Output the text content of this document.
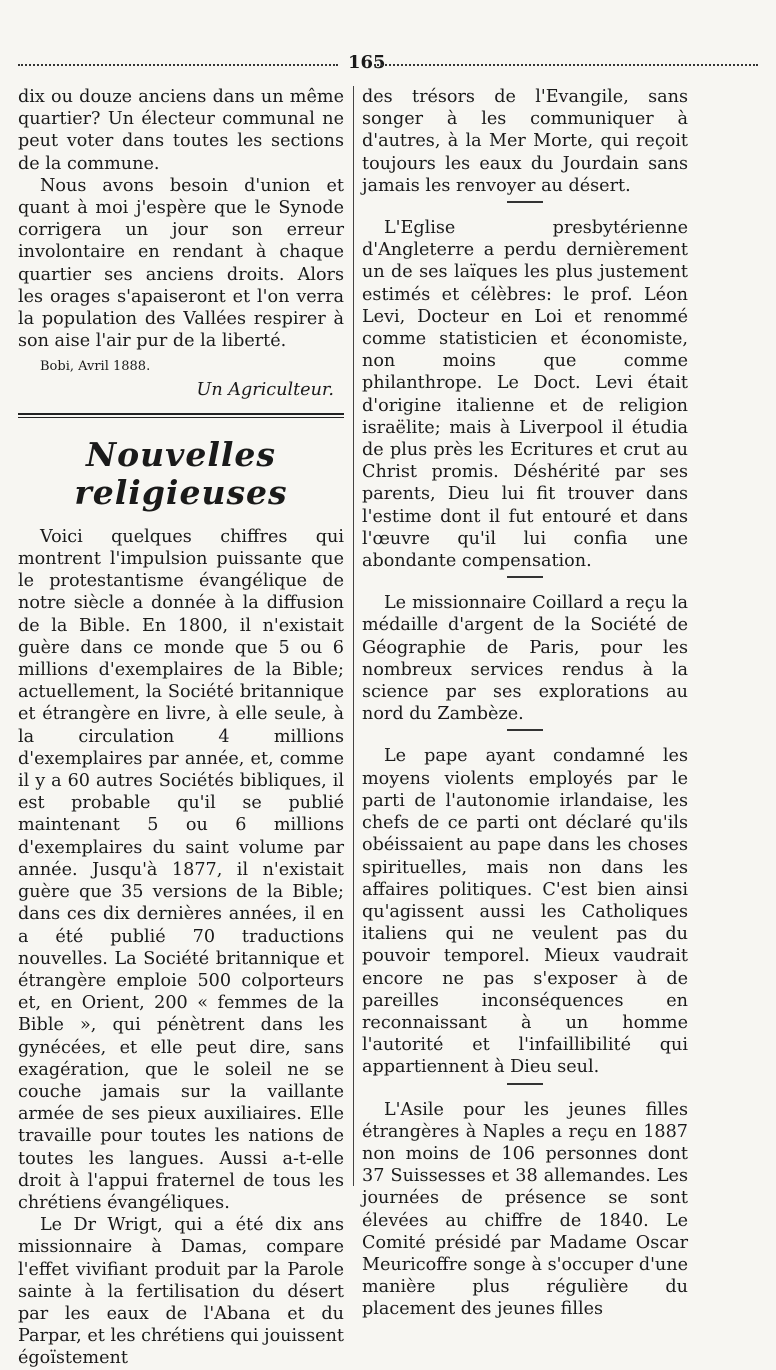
165

dix ou douze anciens dans un même quartier? Un électeur communal ne peut voter dans toutes les sections de la commune.

Nous avons besoin d'union et quant à moi j'espère que le Synode corrigera un jour son erreur involontaire en rendant à chaque quartier ses anciens droits. Alors les orages s'apaiseront et l'on verra la population des Vallées respirer à son aise l'air pur de la liberté.

Bobi, Avril 1888.

Un Agriculteur.

Nouvelles religieuses

Voici quelques chiffres qui montrent l'impulsion puissante que le protestantisme évangélique de notre siècle a donnée à la diffusion de la Bible. En 1800, il n'existait guère dans ce monde que 5 ou 6 millions d'exemplaires de la Bible; actuellement, la Société britannique et étrangère en livre, à elle seule, à la circulation 4 millions d'exemplaires par année, et, comme il y a 60 autres Sociétés bibliques, il est probable qu'il se publié maintenant 5 ou 6 millions d'exemplaires du saint volume par année. Jusqu'à 1877, il n'existait guère que 35 versions de la Bible; dans ces dix dernières années, il en a été publié 70 traductions nouvelles. La Société britannique et étrangère emploie 500 colporteurs et, en Orient, 200 « femmes de la Bible », qui pénètrent dans les gynécées, et elle peut dire, sans exagération, que le soleil ne se couche jamais sur la vaillante armée de ses pieux auxiliaires. Elle travaille pour toutes les nations de toutes les langues. Aussi a-t-elle droit à l'appui fraternel de tous les chrétiens évangéliques.

Le Dr Wrigt, qui a été dix ans missionnaire à Damas, compare l'effet vivifiant produit par la Parole sainte à la fertilisation du désert par les eaux de l'Abana et du Parpar, et les chrétiens qui jouissent égoïstement

des trésors de l'Evangile, sans songer à les communiquer à d'autres, à la Mer Morte, qui reçoit toujours les eaux du Jourdain sans jamais les renvoyer au désert.

L'Eglise presbytérienne d'Angleterre a perdu dernièrement un de ses laïques les plus justement estimés et célèbres: le prof. Léon Levi, Docteur en Loi et renommé comme statisticien et économiste, non moins que comme philanthrope. Le Doct. Levi était d'origine italienne et de religion israëlite; mais à Liverpool il étudia de plus près les Ecritures et crut au Christ promis. Déshérité par ses parents, Dieu lui fit trouver dans l'estime dont il fut entouré et dans l'œuvre qu'il lui confia une abondante compensation.

Le missionnaire Coillard a reçu la médaille d'argent de la Société de Géographie de Paris, pour les nombreux services rendus à la science par ses explorations au nord du Zambèze.

Le pape ayant condamné les moyens violents employés par le parti de l'autonomie irlandaise, les chefs de ce parti ont déclaré qu'ils obéissaient au pape dans les choses spirituelles, mais non dans les affaires politiques. C'est bien ainsi qu'agissent aussi les Catholiques italiens qui ne veulent pas du pouvoir temporel. Mieux vaudrait encore ne pas s'exposer à de pareilles inconséquences en reconnaissant à un homme l'autorité et l'infaillibilité qui appartiennent à Dieu seul.

L'Asile pour les jeunes filles étrangères à Naples a reçu en 1887 non moins de 106 personnes dont 37 Suissesses et 38 allemandes. Les journées de présence se sont élevées au chiffre de 1840. Le Comité présidé par Madame Oscar Meuricoffre songe à s'occuper d'une manière plus régulière du placement des jeunes filles
